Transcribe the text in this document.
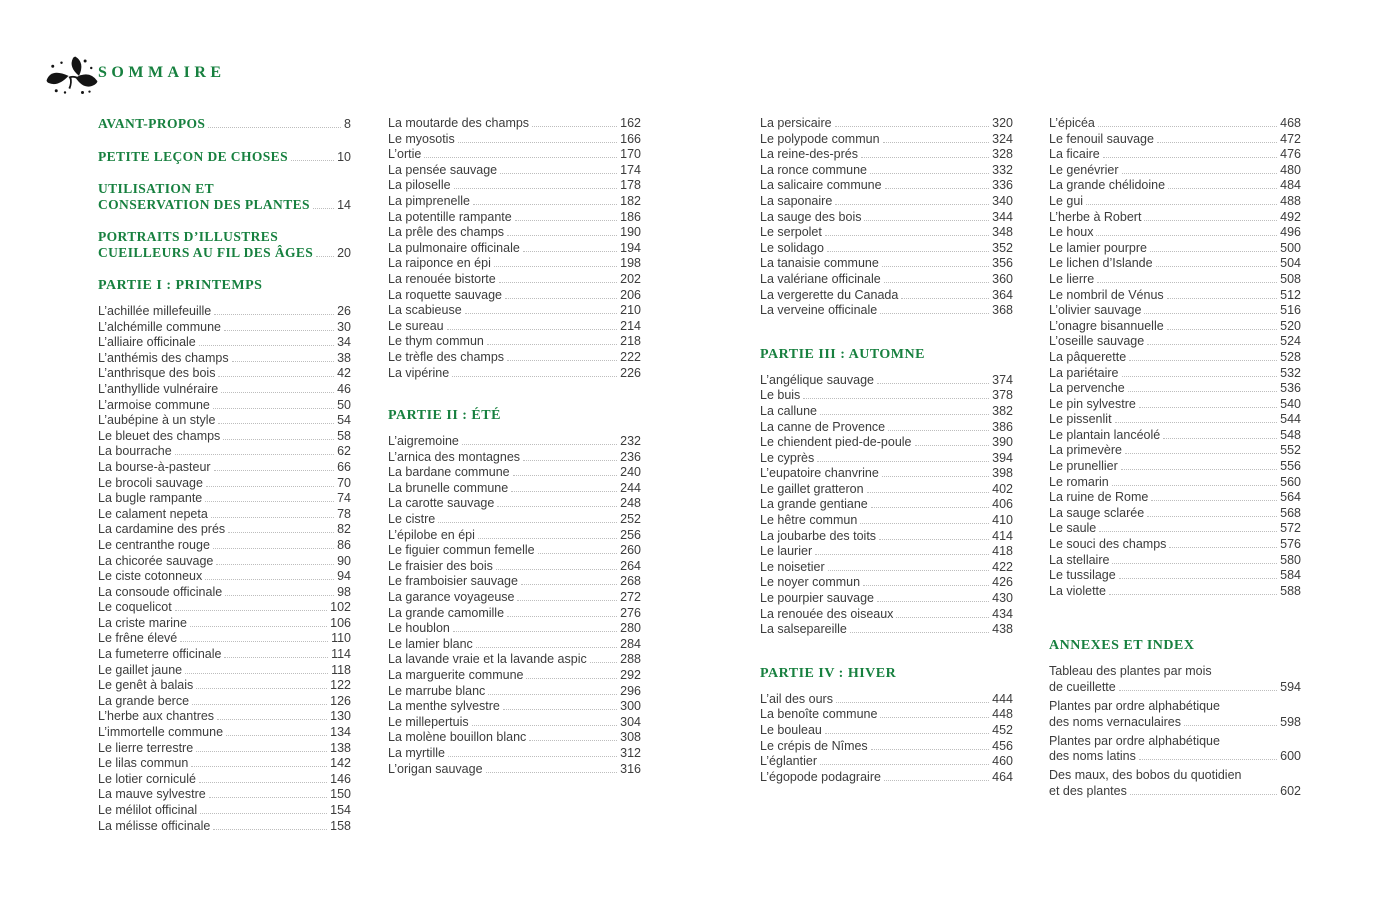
SOMMAIRE
AVANT-PROPOS	8
PETITE LEÇON DE CHOSES	10
UTILISATION ET
CONSERVATION DES PLANTES 14
PORTRAITS D’ILLUSTRES
CUEILLEURS AU FIL DES ÂGES 20
PARTIE I : PRINTEMPS
L’achillée millefeuille	26
L’alchémille commune	30
L’alliaire officinale	34
L’anthémis des champs	38
L’anthrisque des bois	42
L’anthyllide vulnéraire	46
L’armoise commune	50
L’aubépine à un style	54
Le bleuet des champs	58
La bourrache	62
La bourse-à-pasteur	66
Le brocoli sauvage	70
La bugle rampante	74
Le calament nepeta	78
La cardamine des prés	82
Le centranthe rouge	86
La chicorée sauvage	90
Le ciste cotonneux	94
La consoude officinale	98
Le coquelicot	102
La criste marine	106
Le frêne élevé	110
La fumeterre officinale	114
Le gaillet jaune	118
Le genêt à balais	122
La grande berce	126
L’herbe aux chantres	130
L’immortelle commune	134
Le lierre terrestre	138
Le lilas commun	142
Le lotier corniculé	146
La mauve sylvestre	150
Le mélilot officinal	154
La mélisse officinale	158
La moutarde des champs	162
Le myosotis	166
L’ortie	170
La pensée sauvage	174
La piloselle	178
La pimprenelle	182
La potentille rampante	186
La prêle des champs	190
La pulmonaire officinale	194
La raiponce en épi	198
La renouée bistorte	202
La roquette sauvage	206
La scabieuse	210
Le sureau	214
Le thym commun	218
Le trèfle des champs	222
La vipérine	226
PARTIE II : ÉTÉ
L’aigremoine	232
L’arnica des montagnes	236
La bardane commune	240
La brunelle commune	244
La carotte sauvage	248
Le cistre	252
L’épilobe en épi	256
Le figuier commun femelle	260
Le fraisier des bois	264
Le framboisier sauvage	268
La garance voyageuse	272
La grande camomille	276
Le houblon	280
Le lamier blanc	284
La lavande vraie et la lavande aspic	288
La marguerite commune	292
Le marrube blanc	296
La menthe sylvestre	300
Le millepertuis	304
La molène bouillon blanc	308
La myrtille	312
L’origan sauvage	316
La persicaire	320
Le polypode commun	324
La reine-des-prés	328
La ronce commune	332
La salicaire commune	336
La saponaire	340
La sauge des bois	344
Le serpolet	348
Le solidago	352
La tanaisie commune	356
La valériane officinale	360
La vergerette du Canada	364
La verveine officinale	368
PARTIE III : AUTOMNE
L’angélique sauvage	374
Le buis	378
La callune	382
La canne de Provence	386
Le chiendent pied-de-poule	390
Le cyprès	394
L’eupatoire chanvrine	398
Le gaillet gratteron	402
La grande gentiane	406
Le hêtre commun	410
La joubarbe des toits	414
Le laurier	418
Le noisetier	422
Le noyer commun	426
Le pourpier sauvage	430
La renouée des oiseaux	434
La salsepareille	438
PARTIE IV : HIVER
L’ail des ours	444
La benoîte commune	448
Le bouleau	452
Le crépis de Nîmes	456
L’églantier	460
L’égopode podagraire	464
L’épicéa	468
Le fenouil sauvage	472
La ficaire	476
Le genévrier	480
La grande chélidoine	484
Le gui	488
L’herbe à Robert	492
Le houx	496
Le lamier pourpre	500
Le lichen d’Islande	504
Le lierre	508
Le nombril de Vénus	512
L’olivier sauvage	516
L’onagre bisannuelle	520
L’oseille sauvage	524
La pâquerette	528
La pariétaire	532
La pervenche	536
Le pin sylvestre	540
Le pissenlit	544
Le plantain lancéolé	548
La primevère	552
Le prunellier	556
Le romarin	560
La ruine de Rome	564
La sauge sclarée	568
Le saule	572
Le souci des champs	576
La stellaire	580
Le tussilage	584
La violette	588
ANNEXES ET INDEX
Tableau des plantes par mois
de cueillette	594
Plantes par ordre alphabétique
des noms vernaculaires	598
Plantes par ordre alphabétique
des noms latins	600
Des maux, des bobos du quotidien
et des plantes	602
